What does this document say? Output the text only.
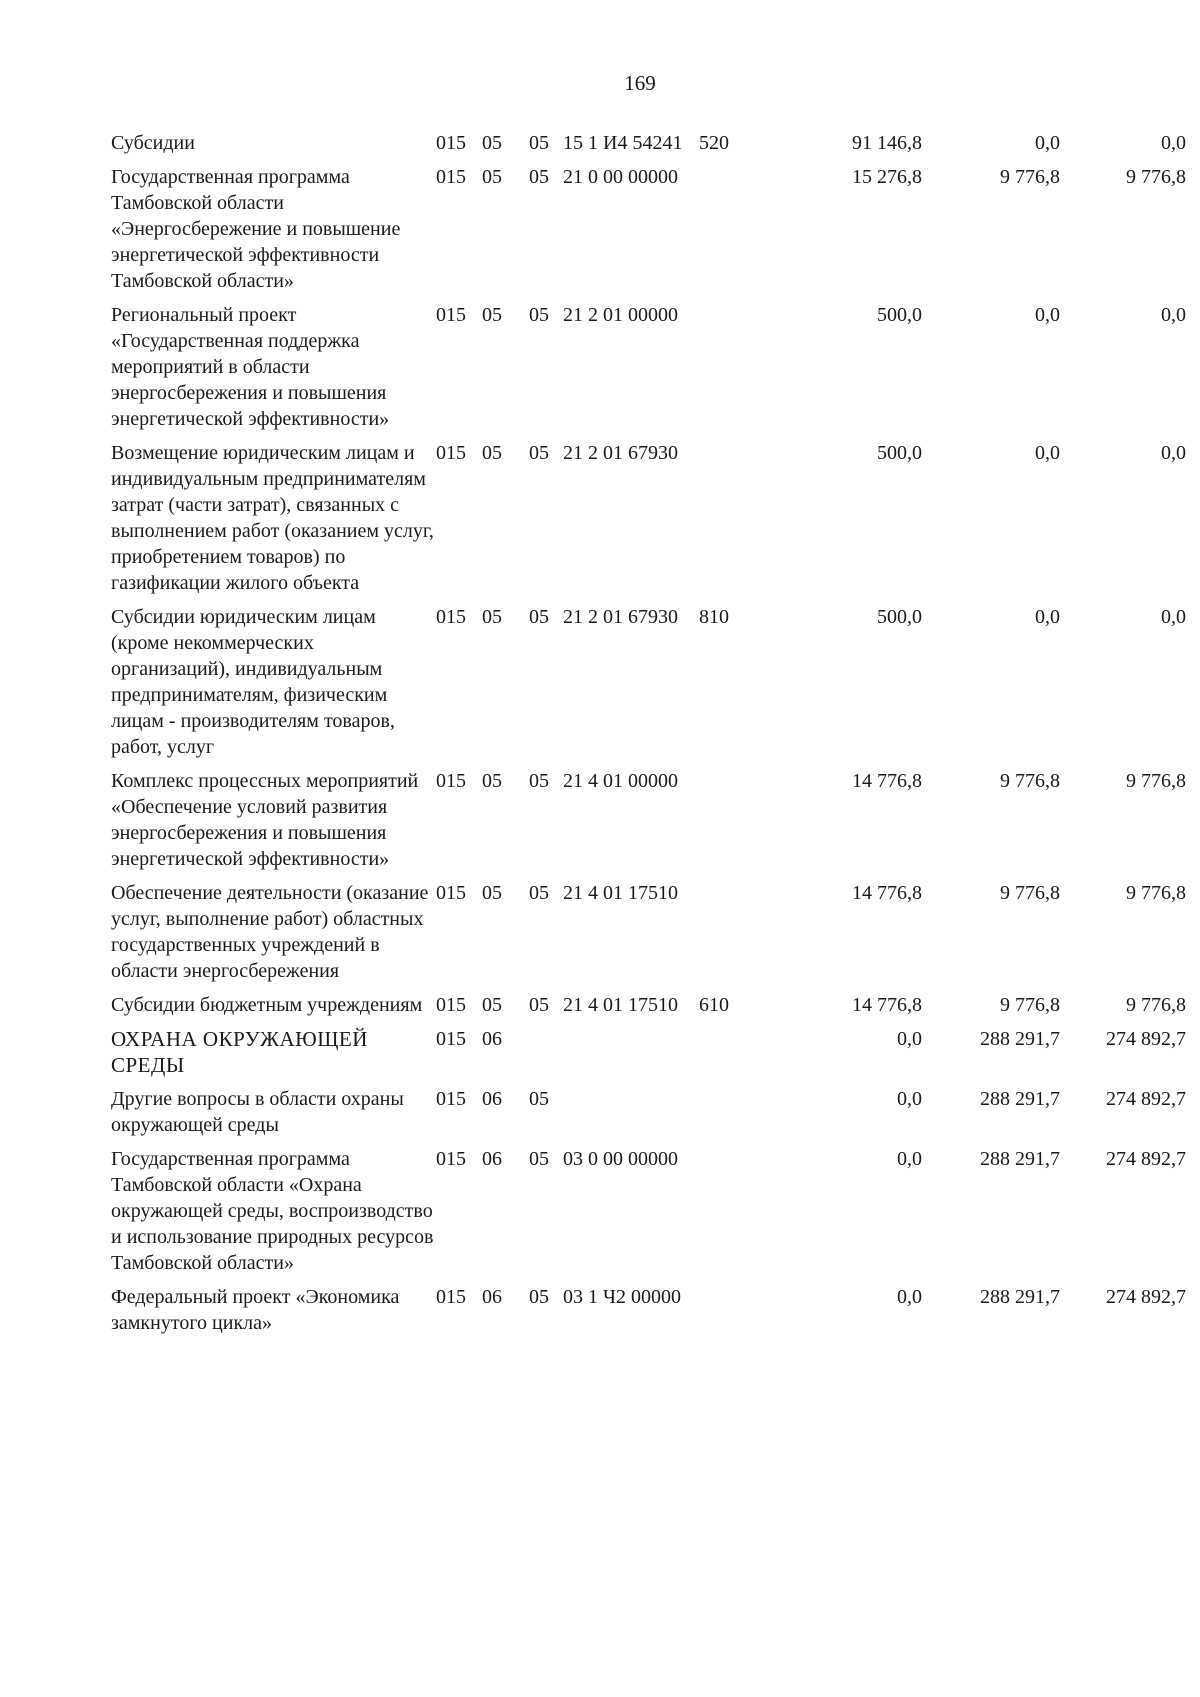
169
Субсидии	015	05	05	15 1 И4 54241	520	91 146,8	0,0	0,0
Государственная программа Тамбовской области «Энергосбережение и повышение энергетической эффективности Тамбовской области»	015	05	05	21 0 00 00000		15 276,8	9 776,8	9 776,8
Региональный проект «Государственная поддержка мероприятий в области энергосбережения и повышения энергетической эффективности»	015	05	05	21 2 01 00000		500,0	0,0	0,0
Возмещение юридическим лицам и индивидуальным предпринимателям затрат (части затрат), связанных с выполнением работ (оказанием услуг, приобретением товаров) по газификации жилого объекта	015	05	05	21 2 01 67930		500,0	0,0	0,0
Субсидии юридическим лицам (кроме некоммерческих организаций), индивидуальным предпринимателям, физическим лицам - производителям товаров, работ, услуг	015	05	05	21 2 01 67930	810	500,0	0,0	0,0
Комплекс процессных мероприятий «Обеспечение условий развития энергосбережения и повышения энергетической эффективности»	015	05	05	21 4 01 00000		14 776,8	9 776,8	9 776,8
Обеспечение деятельности (оказание услуг, выполнение работ) областных государственных учреждений в области энергосбережения	015	05	05	21 4 01 17510		14 776,8	9 776,8	9 776,8
Субсидии бюджетным учреждениям	015	05	05	21 4 01 17510	610	14 776,8	9 776,8	9 776,8
ОХРАНА ОКРУЖАЮЩЕЙ СРЕДЫ	015	06				0,0	288 291,7	274 892,7
Другие вопросы в области охраны окружающей среды	015	06	05			0,0	288 291,7	274 892,7
Государственная программа Тамбовской области «Охрана окружающей среды, воспроизводство и использование природных ресурсов Тамбовской области»	015	06	05	03 0 00 00000		0,0	288 291,7	274 892,7
Федеральный проект «Экономика замкнутого цикла»	015	06	05	03 1 Ч2 00000		0,0	288 291,7	274 892,7
